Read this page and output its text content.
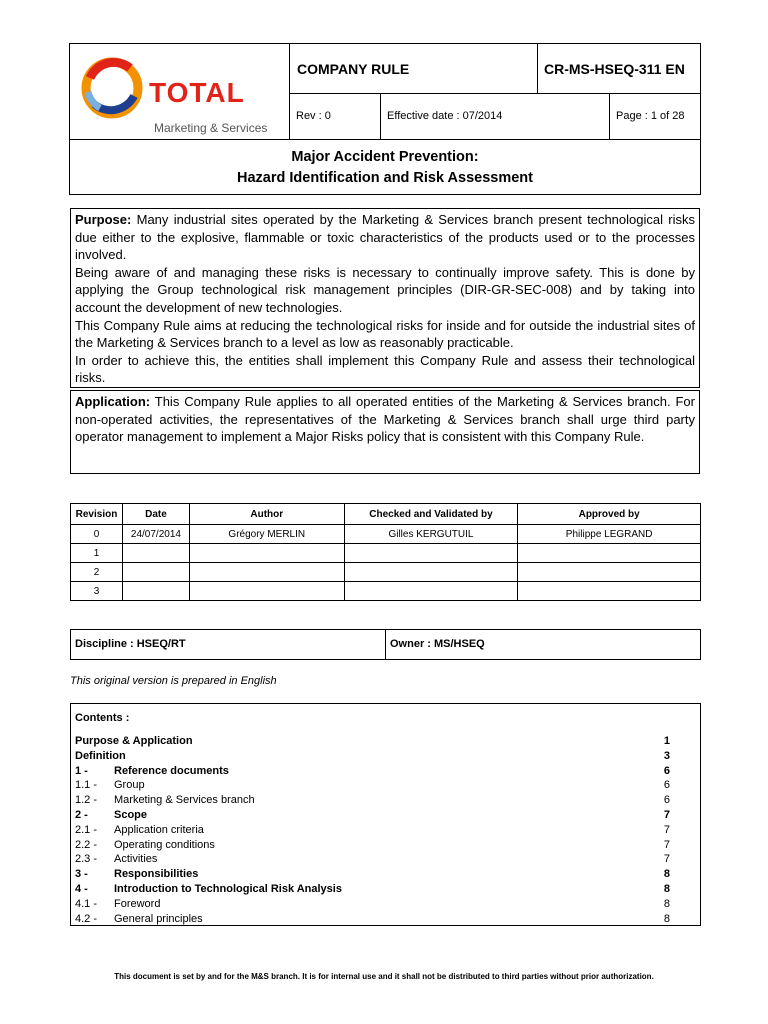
TOTAL
Marketing & Services
COMPANY RULE	CR-MS-HSEQ-311 EN
Rev : 0	Effective date : 07/2014	Page : 1 of 28
Major Accident Prevention:
Hazard Identification and Risk Assessment

Purpose: Many industrial sites operated by the Marketing & Services branch present technological risks due either to the explosive, flammable or toxic characteristics of the products used or to the processes involved.

Being aware of and managing these risks is necessary to continually improve safety. This is done by applying the Group technological risk management principles (DIR-GR-SEC-008) and by taking into account the development of new technologies.

This Company Rule aims at reducing the technological risks for inside and for outside the industrial sites of the Marketing & Services branch to a level as low as reasonably practicable.

In order to achieve this, the entities shall implement this Company Rule and assess their technological risks.

Application: This Company Rule applies to all operated entities of the Marketing & Services branch. For non-operated activities, the representatives of the Marketing & Services branch shall urge third party operator management to implement a Major Risks policy that is consistent with this Company Rule.

Revision	Date	Author	Checked and Validated by	Approved by
0	24/07/2014	Grégory MERLIN	Gilles KERGUTUIL	Philippe LEGRAND
1				
2				
3				
Discipline : HSEQ/RT	Owner : MS/HSEQ
This original version is prepared in English
Contents :
Purpose & Application	1
Definition	3
1 - Reference documents	6
1.1 - Group	6
1.2 - Marketing & Services branch	6
2 - Scope	7
2.1 - Application criteria	7
2.2 - Operating conditions	7
2.3 - Activities	7
3 - Responsibilities	8
4 - Introduction to Technological Risk Analysis	8
4.1 - Foreword	8
4.2 - General principles	8
This document is set by and for the M&S branch. It is for internal use and it shall not be distributed to third parties without prior authorization.
